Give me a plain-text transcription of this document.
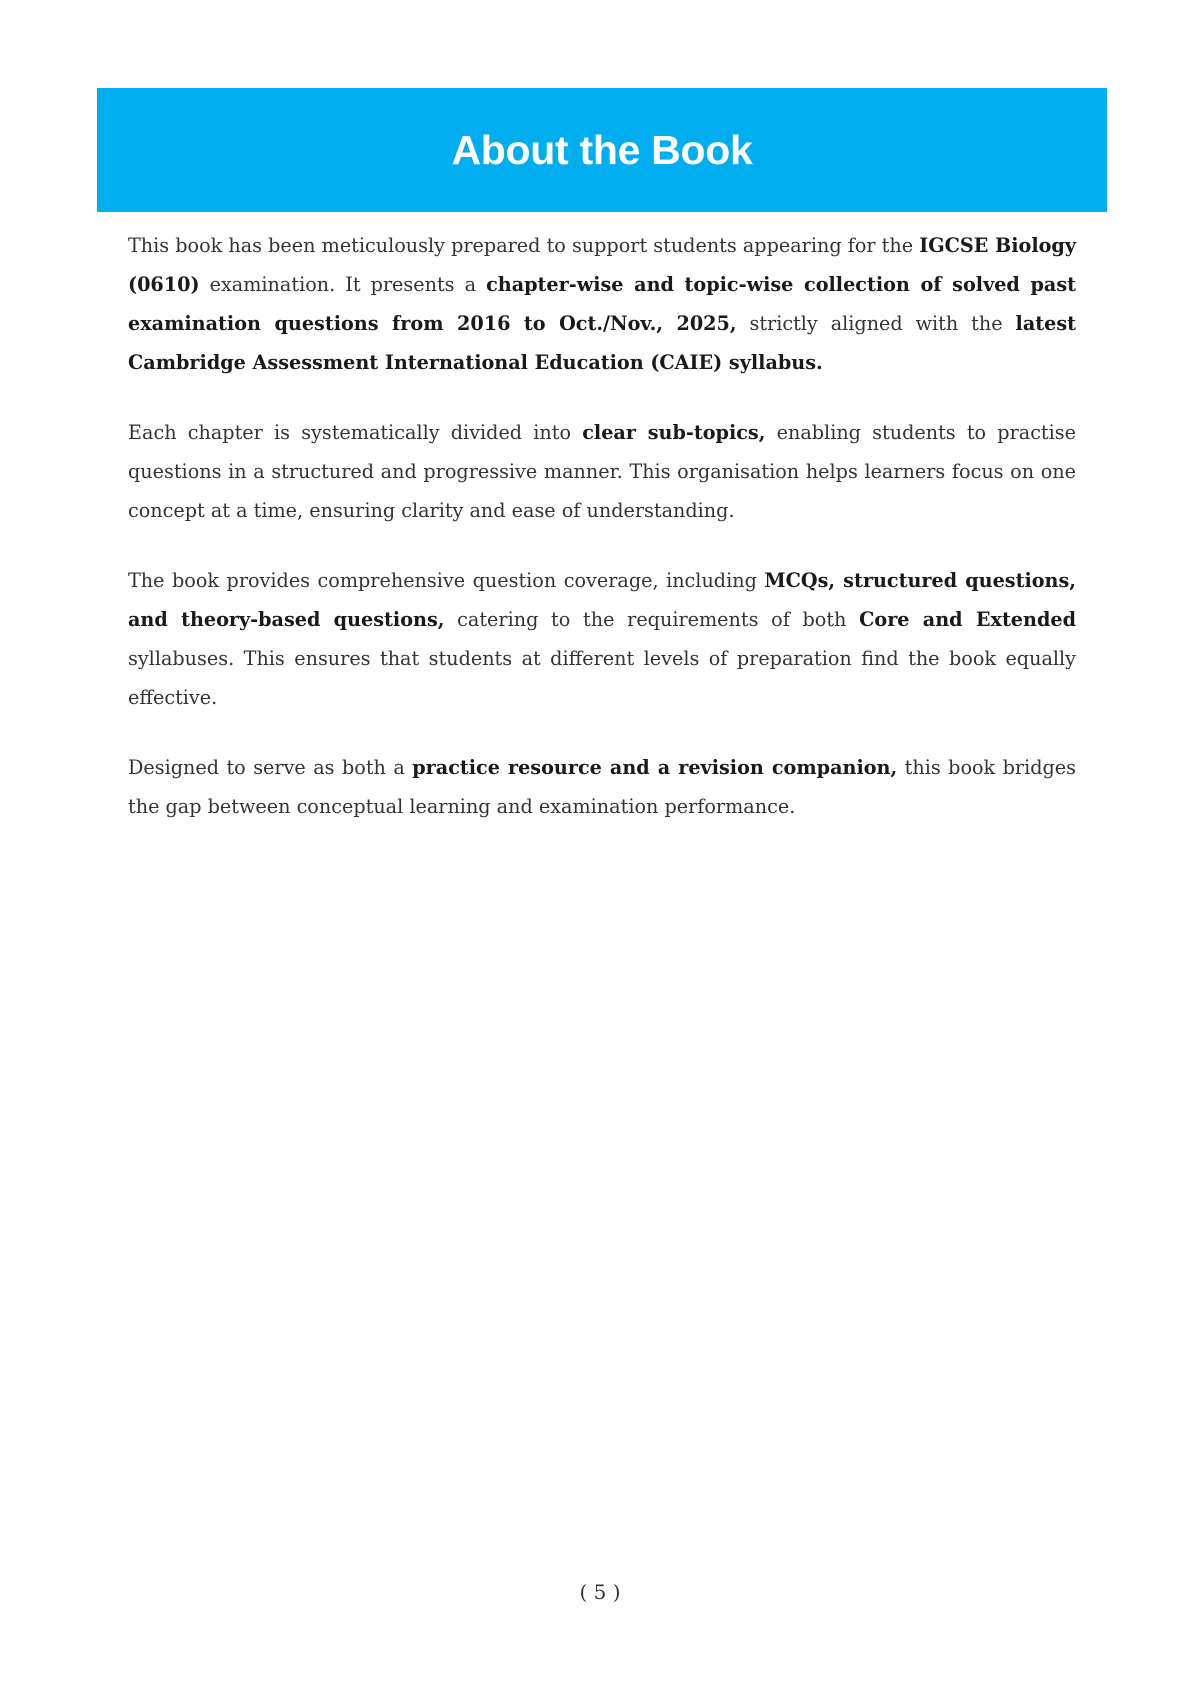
About the Book

This book has been meticulously prepared to support students appearing for the IGCSE Biology (0610) examination. It presents a chapter-wise and topic-wise collection of solved past examination questions from 2016 to Oct./Nov., 2025, strictly aligned with the latest Cambridge Assessment International Education (CAIE) syllabus.

Each chapter is systematically divided into clear sub-topics, enabling students to practise questions in a structured and progressive manner. This organisation helps learners focus on one concept at a time, ensuring clarity and ease of understanding.

The book provides comprehensive question coverage, including MCQs, structured questions, and theory-based questions, catering to the requirements of both Core and Extended syllabuses. This ensures that students at different levels of preparation find the book equally effective.

Designed to serve as both a practice resource and a revision companion, this book bridges the gap between conceptual learning and examination performance.

( 5 )
